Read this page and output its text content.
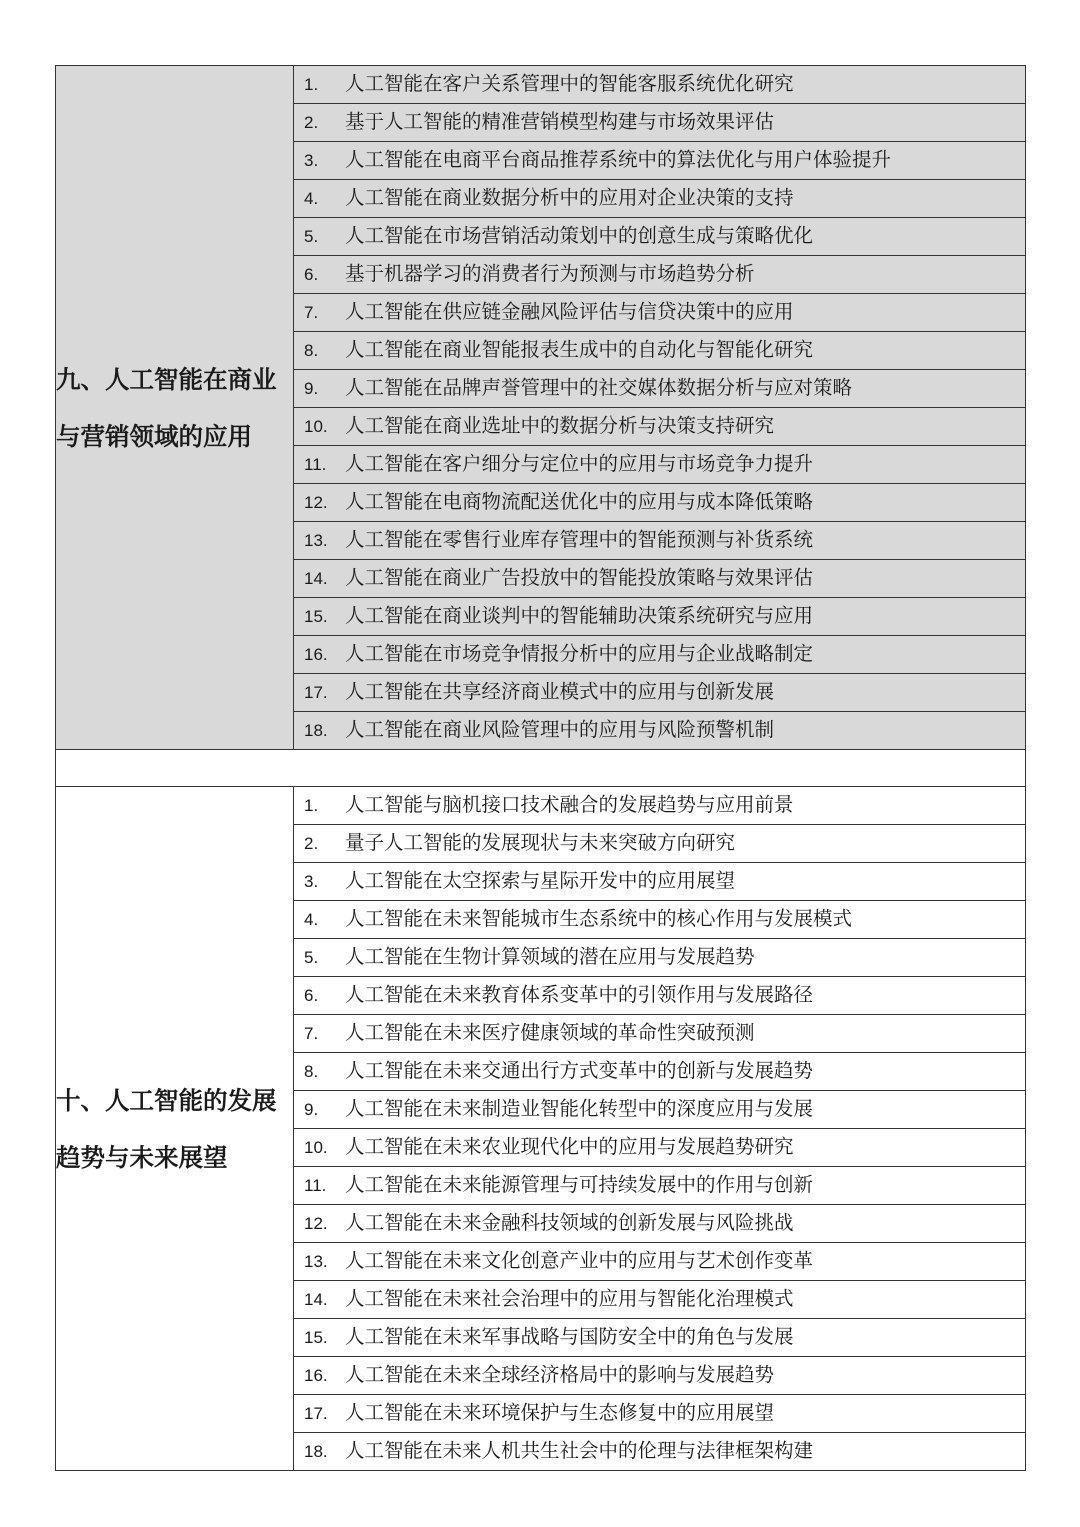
九、人工智能在商业与营销领域的应用	1. 人工智能在客户关系管理中的智能客服系统优化研究
	2. 基于人工智能的精准营销模型构建与市场效果评估
	3. 人工智能在电商平台商品推荐系统中的算法优化与用户体验提升
	4. 人工智能在商业数据分析中的应用对企业决策的支持
	5. 人工智能在市场营销活动策划中的创意生成与策略优化
	6. 基于机器学习的消费者行为预测与市场趋势分析
	7. 人工智能在供应链金融风险评估与信贷决策中的应用
	8. 人工智能在商业智能报表生成中的自动化与智能化研究
	9. 人工智能在品牌声誉管理中的社交媒体数据分析与应对策略
	10. 人工智能在商业选址中的数据分析与决策支持研究
	11. 人工智能在客户细分与定位中的应用与市场竞争力提升
	12. 人工智能在电商物流配送优化中的应用与成本降低策略
	13. 人工智能在零售行业库存管理中的智能预测与补货系统
	14. 人工智能在商业广告投放中的智能投放策略与效果评估
	15. 人工智能在商业谈判中的智能辅助决策系统研究与应用
	16. 人工智能在市场竞争情报分析中的应用与企业战略制定
	17. 人工智能在共享经济商业模式中的应用与创新发展
	18. 人工智能在商业风险管理中的应用与风险预警机制

十、人工智能的发展趋势与未来展望	1. 人工智能与脑机接口技术融合的发展趋势与应用前景
	2. 量子人工智能的发展现状与未来突破方向研究
	3. 人工智能在太空探索与星际开发中的应用展望
	4. 人工智能在未来智能城市生态系统中的核心作用与发展模式
	5. 人工智能在生物计算领域的潜在应用与发展趋势
	6. 人工智能在未来教育体系变革中的引领作用与发展路径
	7. 人工智能在未来医疗健康领域的革命性突破预测
	8. 人工智能在未来交通出行方式变革中的创新与发展趋势
	9. 人工智能在未来制造业智能化转型中的深度应用与发展
	10. 人工智能在未来农业现代化中的应用与发展趋势研究
	11. 人工智能在未来能源管理与可持续发展中的作用与创新
	12. 人工智能在未来金融科技领域的创新发展与风险挑战
	13. 人工智能在未来文化创意产业中的应用与艺术创作变革
	14. 人工智能在未来社会治理中的应用与智能化治理模式
	15. 人工智能在未来军事战略与国防安全中的角色与发展
	16. 人工智能在未来全球经济格局中的影响与发展趋势
	17. 人工智能在未来环境保护与生态修复中的应用展望
	18. 人工智能在未来人机共生社会中的伦理与法律框架构建
